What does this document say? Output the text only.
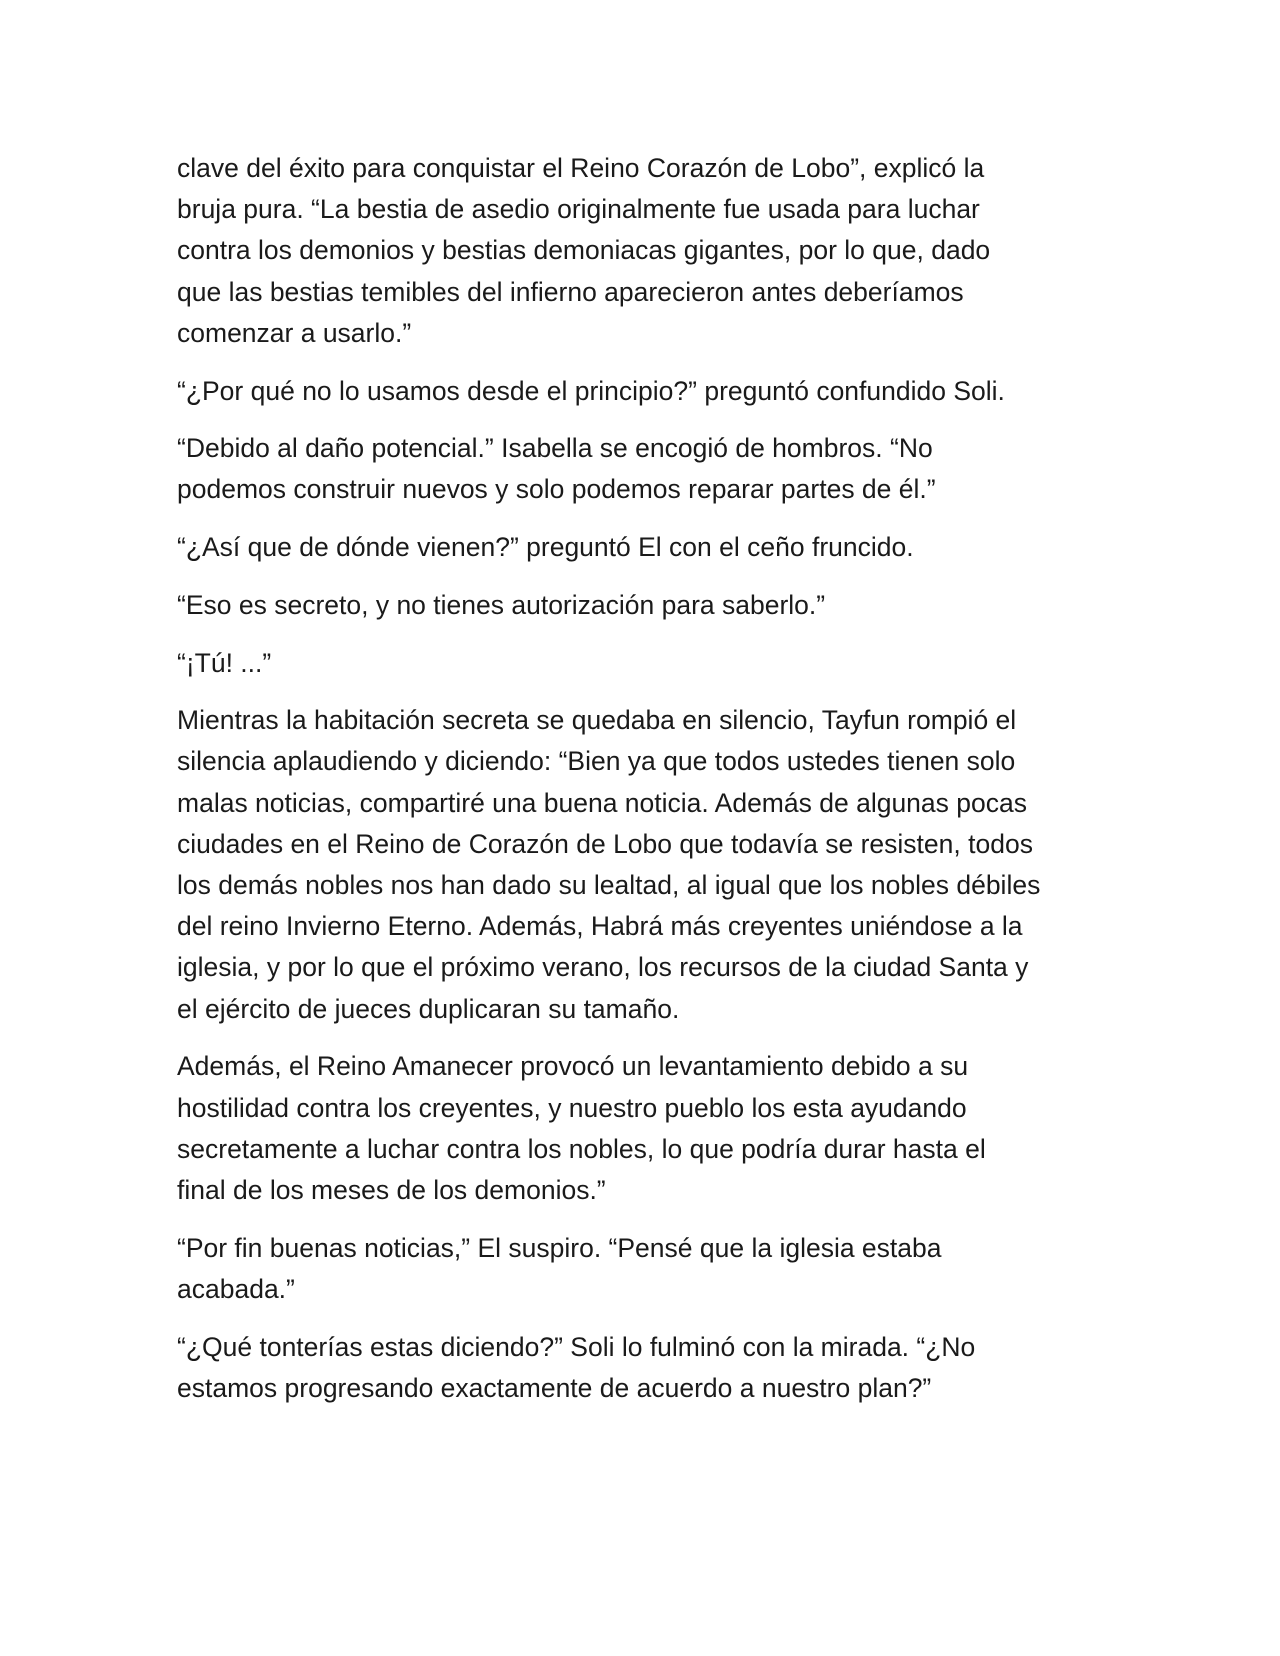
clave del éxito para conquistar el Reino Corazón de Lobo”, explicó la
bruja pura. “La bestia de asedio originalmente fue usada para luchar
contra los demonios y bestias demoniacas gigantes, por lo que, dado
que las bestias temibles del infierno aparecieron antes deberíamos
comenzar a usarlo.”

“¿Por qué no lo usamos desde el principio?” preguntó confundido Soli.

“Debido al daño potencial.” Isabella se encogió de hombros. “No
podemos construir nuevos y solo podemos reparar partes de él.”

“¿Así que de dónde vienen?” preguntó El con el ceño fruncido.

“Eso es secreto, y no tienes autorización para saberlo.”

“¡Tú! ...”

Mientras la habitación secreta se quedaba en silencio, Tayfun rompió el
silencia aplaudiendo y diciendo: “Bien ya que todos ustedes tienen solo
malas noticias, compartiré una buena noticia. Además de algunas pocas
ciudades en el Reino de Corazón de Lobo que todavía se resisten, todos
los demás nobles nos han dado su lealtad, al igual que los nobles débiles
del reino Invierno Eterno. Además, Habrá más creyentes uniéndose a la
iglesia, y por lo que el próximo verano, los recursos de la ciudad Santa y
el ejército de jueces duplicaran su tamaño.

Además, el Reino Amanecer provocó un levantamiento debido a su
hostilidad contra los creyentes, y nuestro pueblo los esta ayudando
secretamente a luchar contra los nobles, lo que podría durar hasta el
final de los meses de los demonios.”

“Por fin buenas noticias,” El suspiro. “Pensé que la iglesia estaba
acabada.”

“¿Qué tonterías estas diciendo?” Soli lo fulminó con la mirada. “¿No
estamos progresando exactamente de acuerdo a nuestro plan?”
